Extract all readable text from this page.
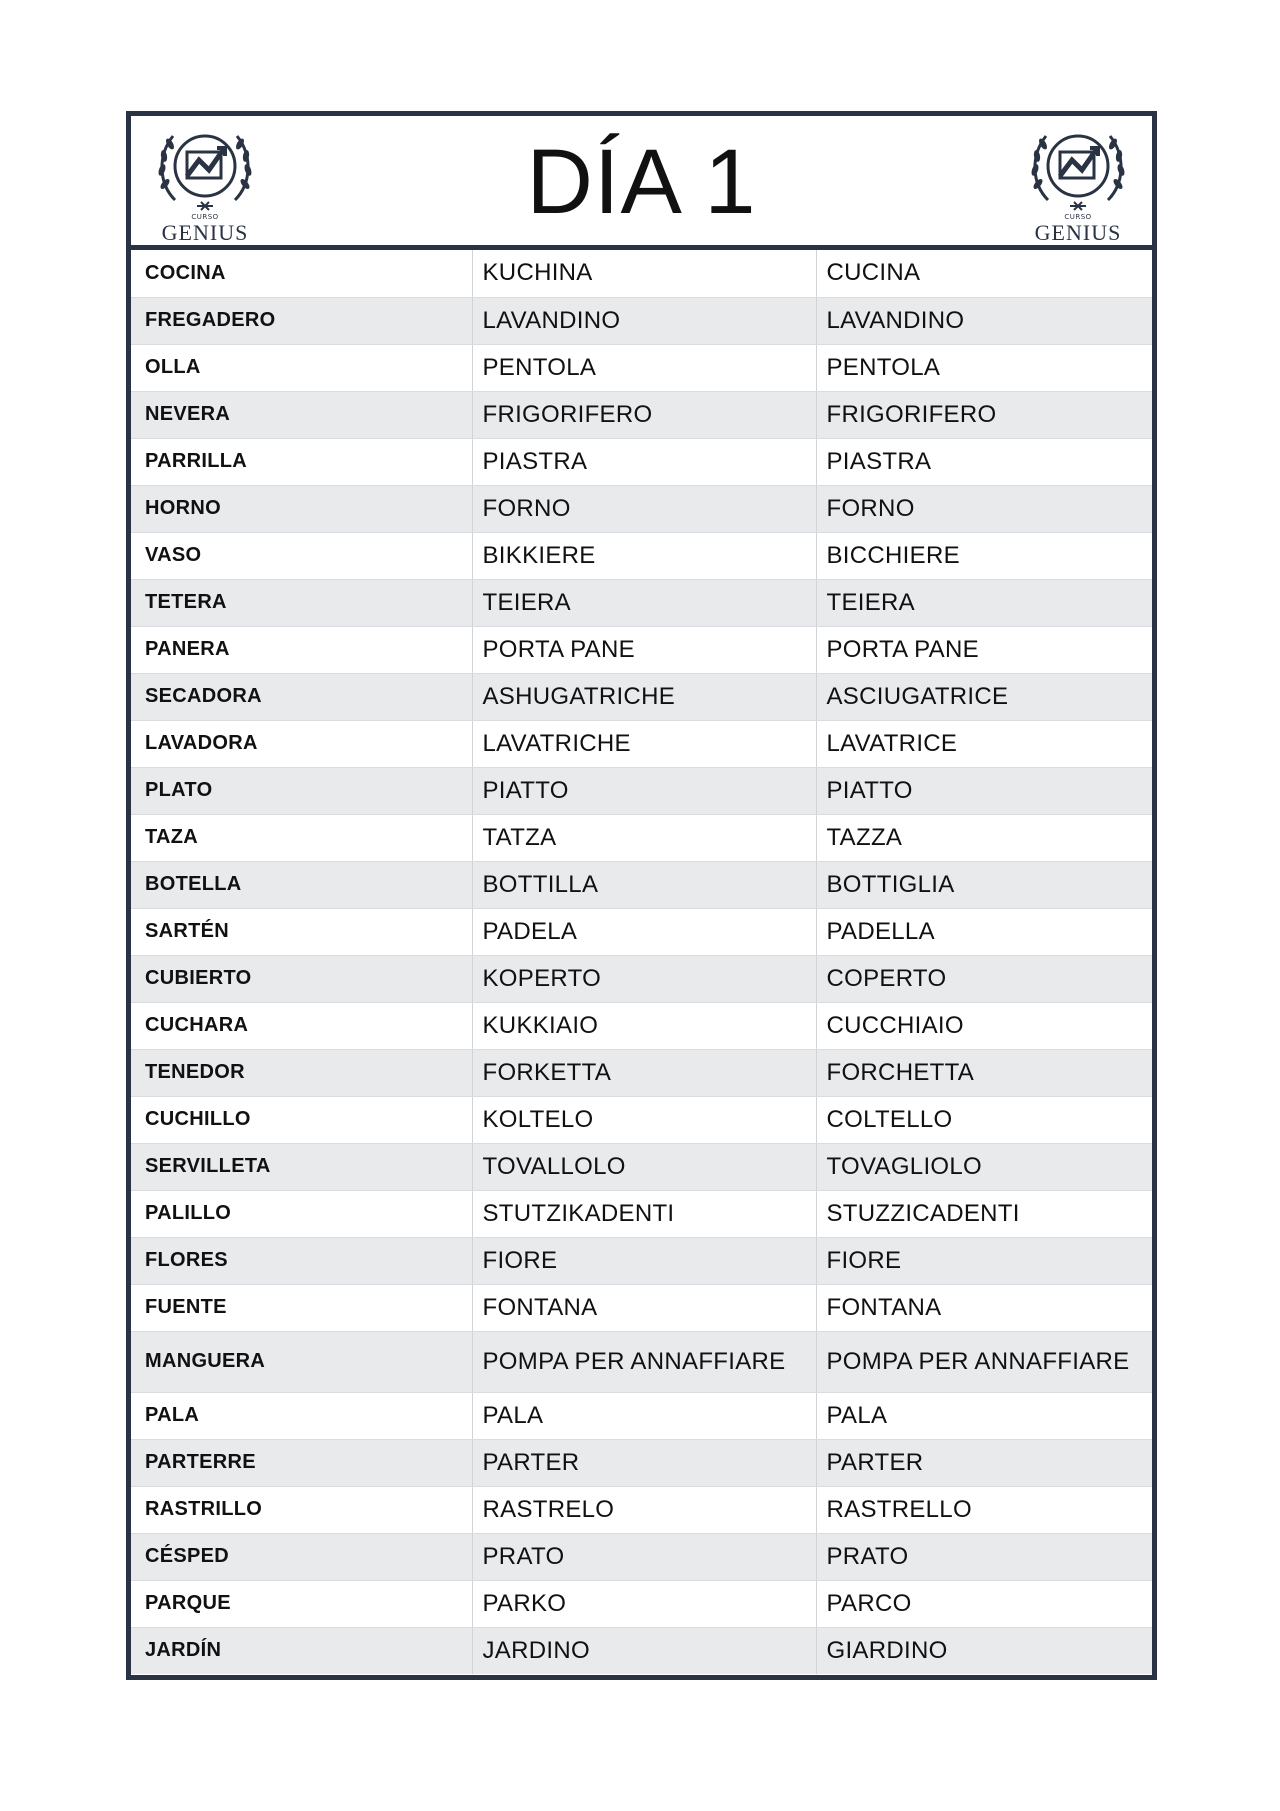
CURSO
GENIUS	DÍA 1	CURSO
GENIUS
COCINA	KUCHINA	CUCINA
FREGADERO	LAVANDINO	LAVANDINO
OLLA	PENTOLA	PENTOLA
NEVERA	FRIGORIFERO	FRIGORIFERO
PARRILLA	PIASTRA	PIASTRA
HORNO	FORNO	FORNO
VASO	BIKKIERE	BICCHIERE
TETERA	TEIERA	TEIERA
PANERA	PORTA PANE	PORTA PANE
SECADORA	ASHUGATRICHE	ASCIUGATRICE
LAVADORA	LAVATRICHE	LAVATRICE
PLATO	PIATTO	PIATTO
TAZA	TATZA	TAZZA
BOTELLA	BOTTILLA	BOTTIGLIA
SARTÉN	PADELA	PADELLA
CUBIERTO	KOPERTO	COPERTO
CUCHARA	KUKKIAIO	CUCCHIAIO
TENEDOR	FORKETTA	FORCHETTA
CUCHILLO	KOLTELO	COLTELLO
SERVILLETA	TOVALLOLO	TOVAGLIOLO
PALILLO	STUTZIKADENTI	STUZZICADENTI
FLORES	FIORE	FIORE
FUENTE	FONTANA	FONTANA
MANGUERA	POMPA PER ANNAFFIARE	POMPA PER ANNAFFIARE
PALA	PALA	PALA
PARTERRE	PARTER	PARTER
RASTRILLO	RASTRELO	RASTRELLO
CÉSPED	PRATO	PRATO
PARQUE	PARKO	PARCO
JARDÍN	JARDINO	GIARDINO
